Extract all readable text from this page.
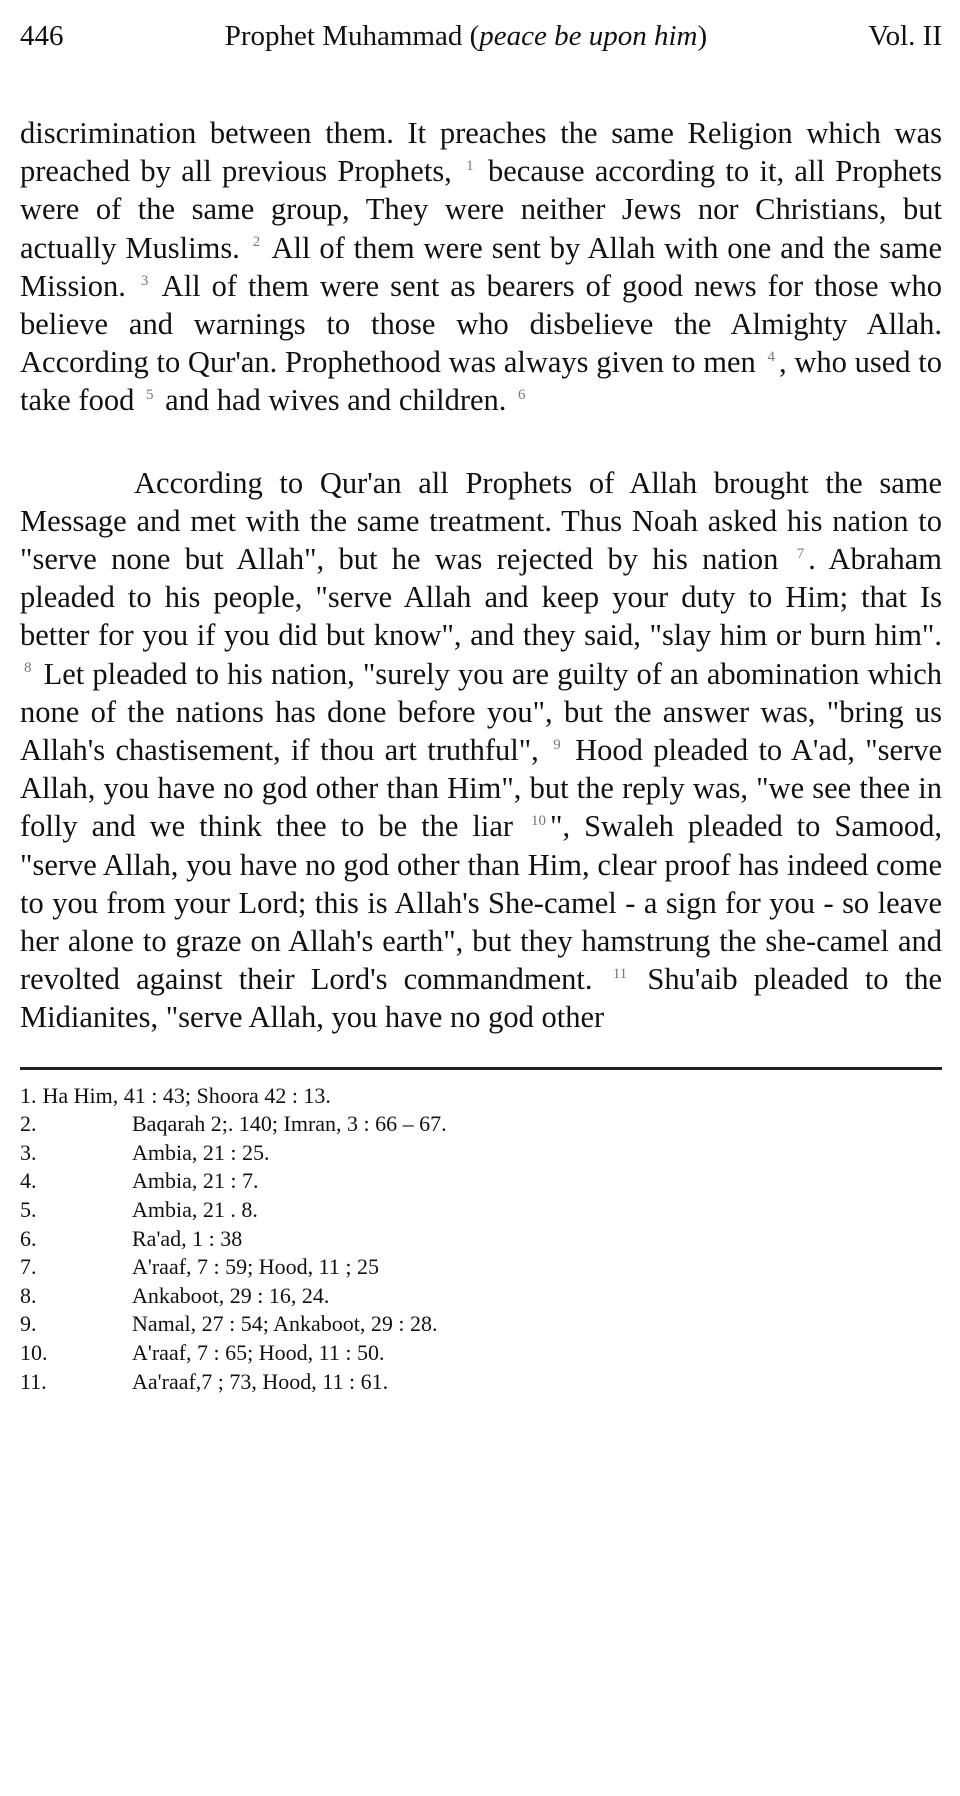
446	Prophet Muhammad (peace be upon him)	Vol. II

discrimination between them. It preaches the same Religion which was preached by all previous Prophets, $^1$ because according to it, all Prophets were of the same group, They were neither Jews nor Christians, but actually Muslims. $^2$ All of them were sent by Allah with one and the same Mission. $^3$ All of them were sent as bearers of good news for those who believe and warnings to those who disbelieve the Almighty Allah. According to Qur'an. Prophethood was always given to men $^4$ , who used to take food $^5$ and had wives and children. $^6$

According to Qur'an all Prophets of Allah brought the same Message and met with the same treatment. Thus Noah asked his nation to "serve none but Allah", but he was rejected by his nation $^7$ . Abraham pleaded to his people, "serve Allah and keep your duty to Him; that Is better for you if you did but know", and they said, "slay him or burn him". $^8$ Let pleaded to his nation, "surely you are guilty of an abomination which none of the nations has done before you", but the answer was, "bring us Allah's chastisement, if thou art truthful", $^9$ Hood pleaded to A'ad, "serve Allah, you have no god other than Him", but the reply was, "we see thee in folly and we think thee to be the liar $^{10}$ ", Swaleh pleaded to Samood, "serve Allah, you have no god other than Him, clear proof has indeed come to you from your Lord; this is Allah's She-camel - a sign for you - so leave her alone to graze on Allah's earth", but they hamstrung the she-camel and revolted against their Lord's commandment. $^{11}$ Shu'aib pleaded to the Midianites, "serve Allah, you have no god other

1. Ha Him, 41 : 43; Shoora 42 : 13.
2.	Baqarah 2;. 140; Imran, 3 : 66 – 67.
3.	Ambia, 21 : 25.
4.	Ambia, 21 : 7.
5.	Ambia, 21 . 8.
6.	Ra'ad, 1 : 38
7.	A'raaf, 7 : 59; Hood, 11 ; 25
8.	Ankaboot, 29 : 16, 24.
9.	Namal, 27 : 54; Ankaboot, 29 : 28.
10.	A'raaf, 7 : 65; Hood, 11 : 50.
11.	Aa'raaf,7 ; 73, Hood, 11 : 61.
